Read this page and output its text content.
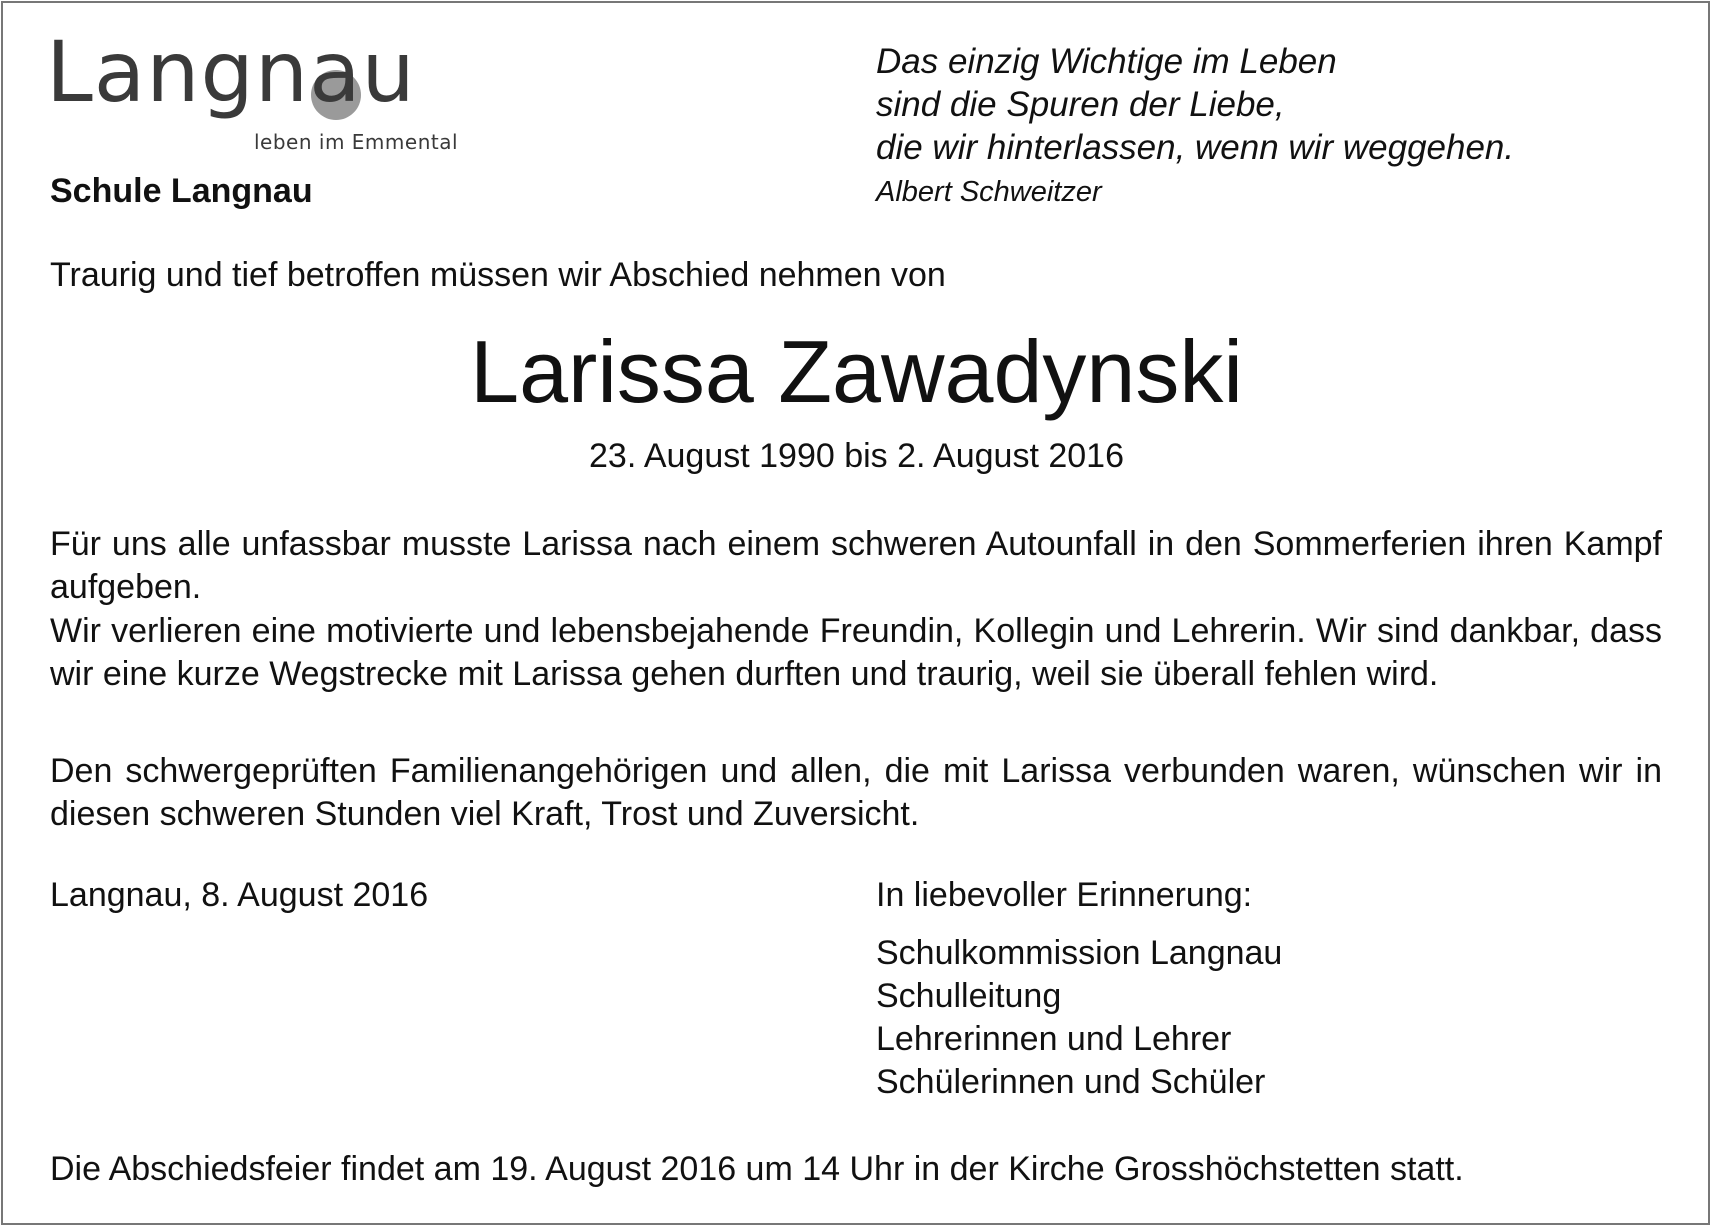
Langnau
leben im Emmental
Schule Langnau
Das einzig Wichtige im Leben
sind die Spuren der Liebe,
die wir hinterlassen, wenn wir weggehen.
Albert Schweitzer
Traurig und tief betroffen müssen wir Abschied nehmen von
Larissa Zawadynski
23. August 1990 bis 2. August 2016
Für uns alle unfassbar musste Larissa nach einem schweren Autounfall in den Sommerferien ihren Kampf aufgeben.
Wir verlieren eine motivierte und lebensbejahende Freundin, Kollegin und Lehrerin. Wir sind dankbar, dass wir eine kurze Wegstrecke mit Larissa gehen durften und traurig, weil sie überall fehlen wird.
Den schwergeprüften Familienangehörigen und allen, die mit Larissa verbunden waren, wünschen wir in diesen schweren Stunden viel Kraft, Trost und Zuversicht.
Langnau, 8. August 2016	In liebevoller Erinnerung:
Schulkommission Langnau
Schulleitung
Lehrerinnen und Lehrer
Schülerinnen und Schüler
Die Abschiedsfeier findet am 19. August 2016 um 14 Uhr in der Kirche Grosshöchstetten statt.
